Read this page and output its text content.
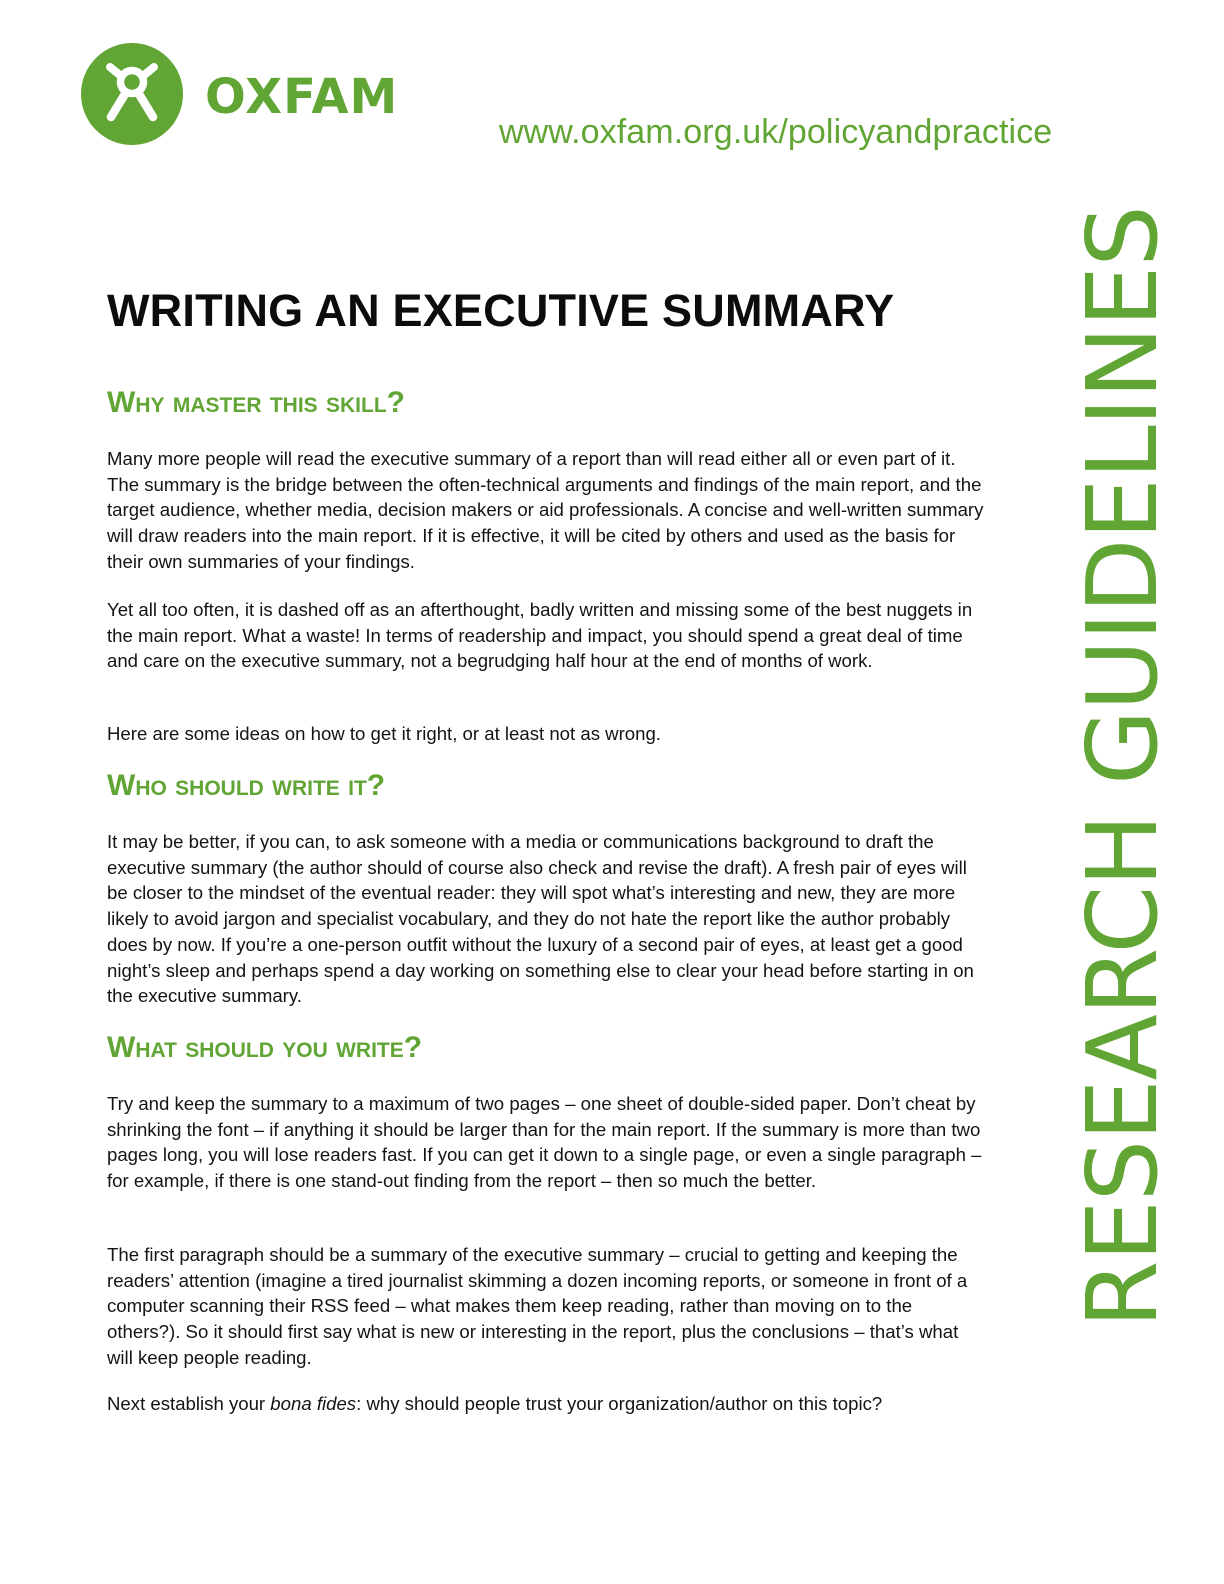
OXFAM
www.oxfam.org.uk/policyandpractice
RESEARCH GUIDELINES
WRITING AN EXECUTIVE SUMMARY
Why master this skill?

Many more people will read the executive summary of a report than will read either all or even part of it. The summary is the bridge between the often-technical arguments and findings of the main report, and the target audience, whether media, decision makers or aid professionals. A concise and well-written summary will draw readers into the main report. If it is effective, it will be cited by others and used as the basis for their own summaries of your findings.

Yet all too often, it is dashed off as an afterthought, badly written and missing some of the best nuggets in the main report. What a waste! In terms of readership and impact, you should spend a great deal of time and care on the executive summary, not a begrudging half hour at the end of months of work.

Here are some ideas on how to get it right, or at least not as wrong.

Who should write it?

It may be better, if you can, to ask someone with a media or communications background to draft the executive summary (the author should of course also check and revise the draft). A fresh pair of eyes will be closer to the mindset of the eventual reader: they will spot what’s interesting and new, they are more likely to avoid jargon and specialist vocabulary, and they do not hate the report like the author probably does by now. If you’re a one-person outfit without the luxury of a second pair of eyes, at least get a good night’s sleep and perhaps spend a day working on something else to clear your head before starting in on the executive summary.

What should you write?

Try and keep the summary to a maximum of two pages – one sheet of double-sided paper. Don’t cheat by shrinking the font – if anything it should be larger than for the main report. If the summary is more than two pages long, you will lose readers fast. If you can get it down to a single page, or even a single paragraph – for example, if there is one stand-out finding from the report – then so much the better.

The first paragraph should be a summary of the executive summary – crucial to getting and keeping the readers’ attention (imagine a tired journalist skimming a dozen incoming reports, or someone in front of a computer scanning their RSS feed – what makes them keep reading, rather than moving on to the others?). So it should first say what is new or interesting in the report, plus the conclusions – that’s what will keep people reading.

Next establish your bona fides: why should people trust your organization/author on this topic?
